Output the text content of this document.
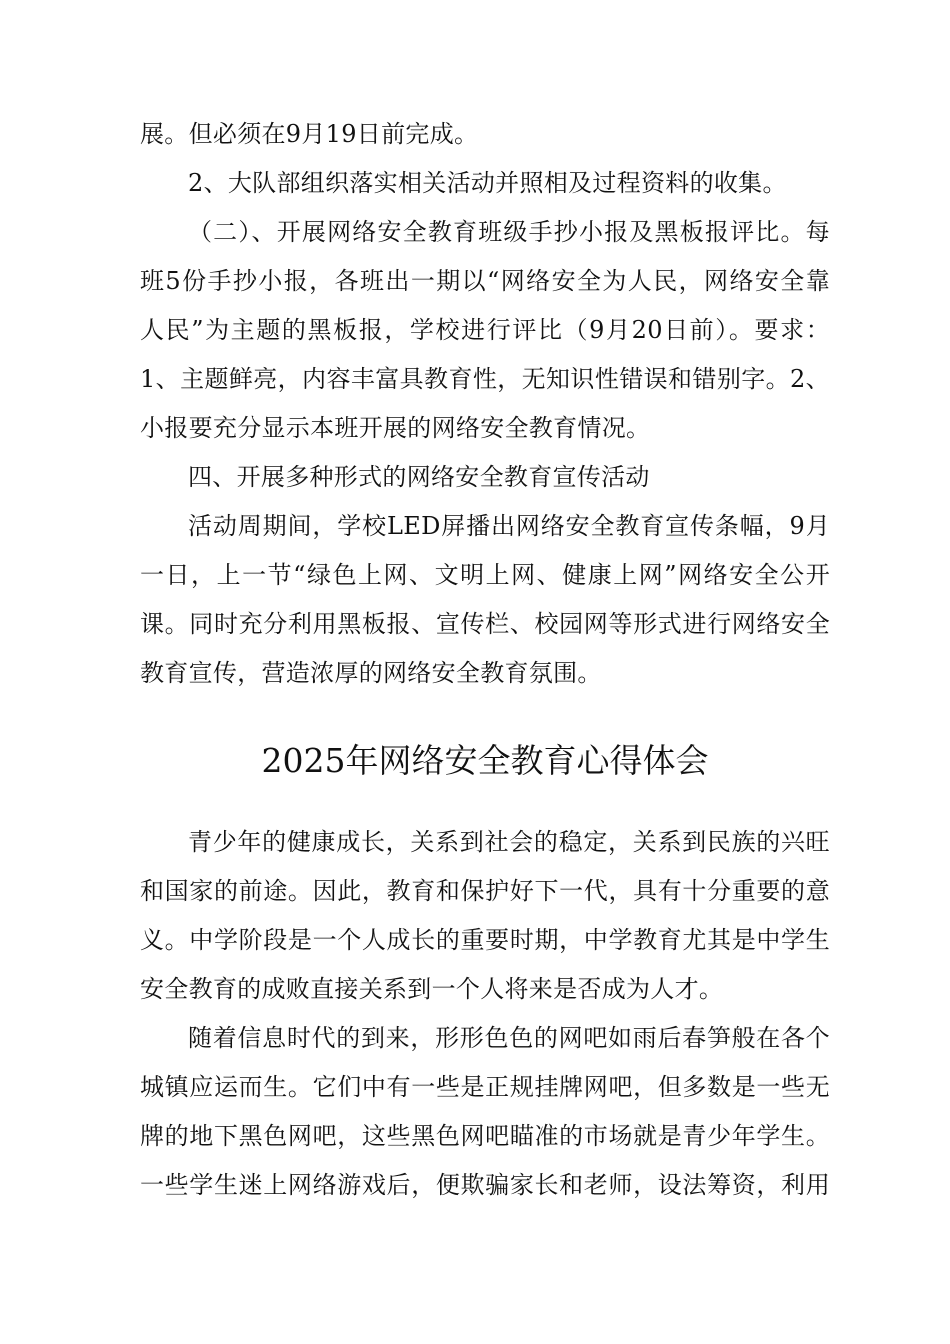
展。但必须在9月19日前完成。
2、大队部组织落实相关活动并照相及过程资料的收集。
（二）、开展网络安全教育班级手抄小报及黑板报评比。每
班5份手抄小报，各班出一期以“网络安全为人民，网络安全靠
人民”为主题的黑板报，学校进行评比（9月20日前）。要求：
1、主题鲜亮，内容丰富具教育性，无知识性错误和错别字。2、
小报要充分显示本班开展的网络安全教育情况。
四、开展多种形式的网络安全教育宣传活动
活动周期间，学校LED屏播出网络安全教育宣传条幅，9月
一日，上一节“绿色上网、文明上网、健康上网”网络安全公开
课。同时充分利用黑板报、宣传栏、校园网等形式进行网络安全
教育宣传，营造浓厚的网络安全教育氛围。
2025年网络安全教育心得体会
青少年的健康成长，关系到社会的稳定，关系到民族的兴旺
和国家的前途。因此，教育和保护好下一代，具有十分重要的意
义。中学阶段是一个人成长的重要时期，中学教育尤其是中学生
安全教育的成败直接关系到一个人将来是否成为人才。
随着信息时代的到来，形形色色的网吧如雨后春笋般在各个
城镇应运而生。它们中有一些是正规挂牌网吧，但多数是一些无
牌的地下黑色网吧，这些黑色网吧瞄准的市场就是青少年学生。
一些学生迷上网络游戏后，便欺骗家长和老师，设法筹资，利用
